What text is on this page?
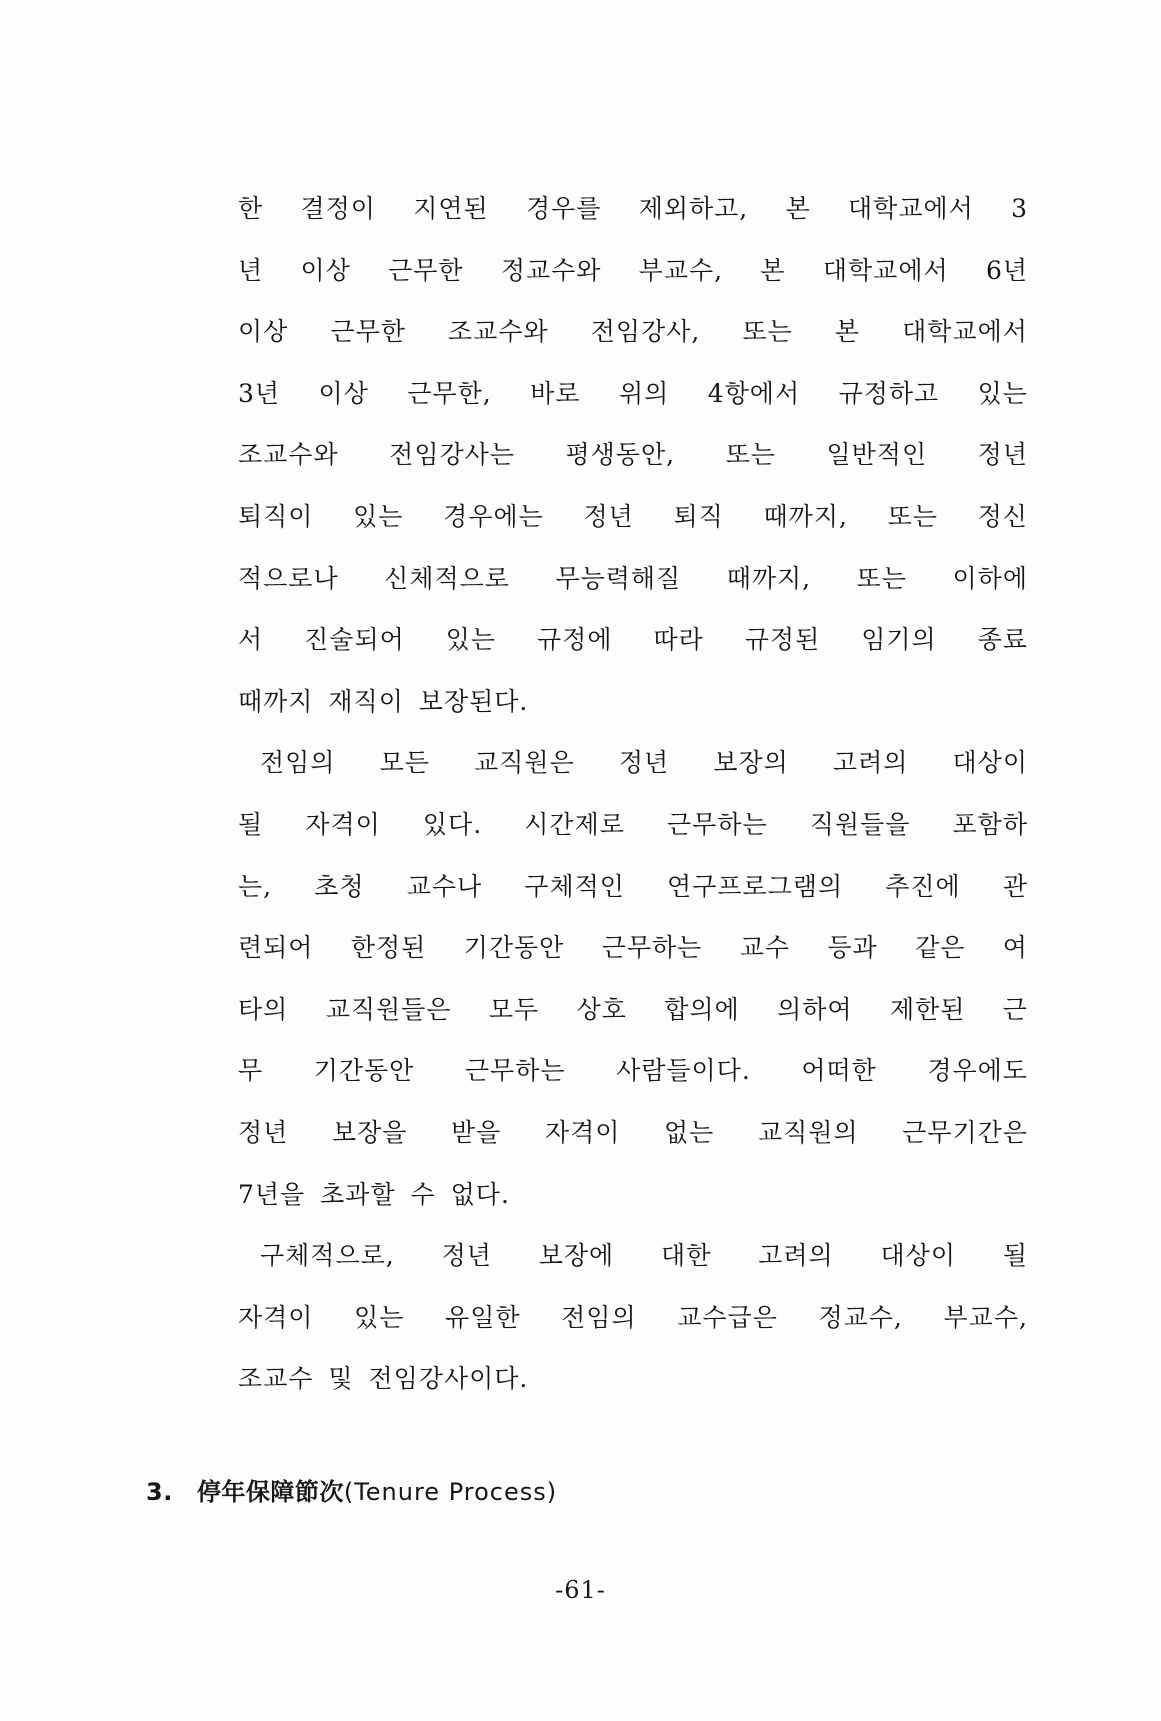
한 결정이 지연된 경우를 제외하고, 본 대학교에서 3
년 이상 근무한 정교수와 부교수, 본 대학교에서 6년
이상 근무한 조교수와 전임강사, 또는 본 대학교에서
3년 이상 근무한, 바로 위의 4항에서 규정하고 있는
조교수와 전임강사는 평생동안, 또는 일반적인 정년
퇴직이 있는 경우에는 정년 퇴직 때까지, 또는 정신
적으로나 신체적으로 무능력해질 때까지, 또는 이하에
서 진술되어 있는 규정에 따라 규정된 임기의 종료
때까지 재직이 보장된다.
전임의 모든 교직원은 정년 보장의 고려의 대상이
될 자격이 있다. 시간제로 근무하는 직원들을 포함하
는, 초청 교수나 구체적인 연구프로그램의 추진에 관
련되어 한정된 기간동안 근무하는 교수 등과 같은 여
타의 교직원들은 모두 상호 합의에 의하여 제한된 근
무 기간동안 근무하는 사람들이다. 어떠한 경우에도
정년 보장을 받을 자격이 없는 교직원의 근무기간은
7년을 초과할 수 없다.
구체적으로, 정년 보장에 대한 고려의 대상이 될
자격이 있는 유일한 전임의 교수급은 정교수, 부교수,
조교수 및 전임강사이다.
3. 停年保障節次(Tenure Process)
-61-
